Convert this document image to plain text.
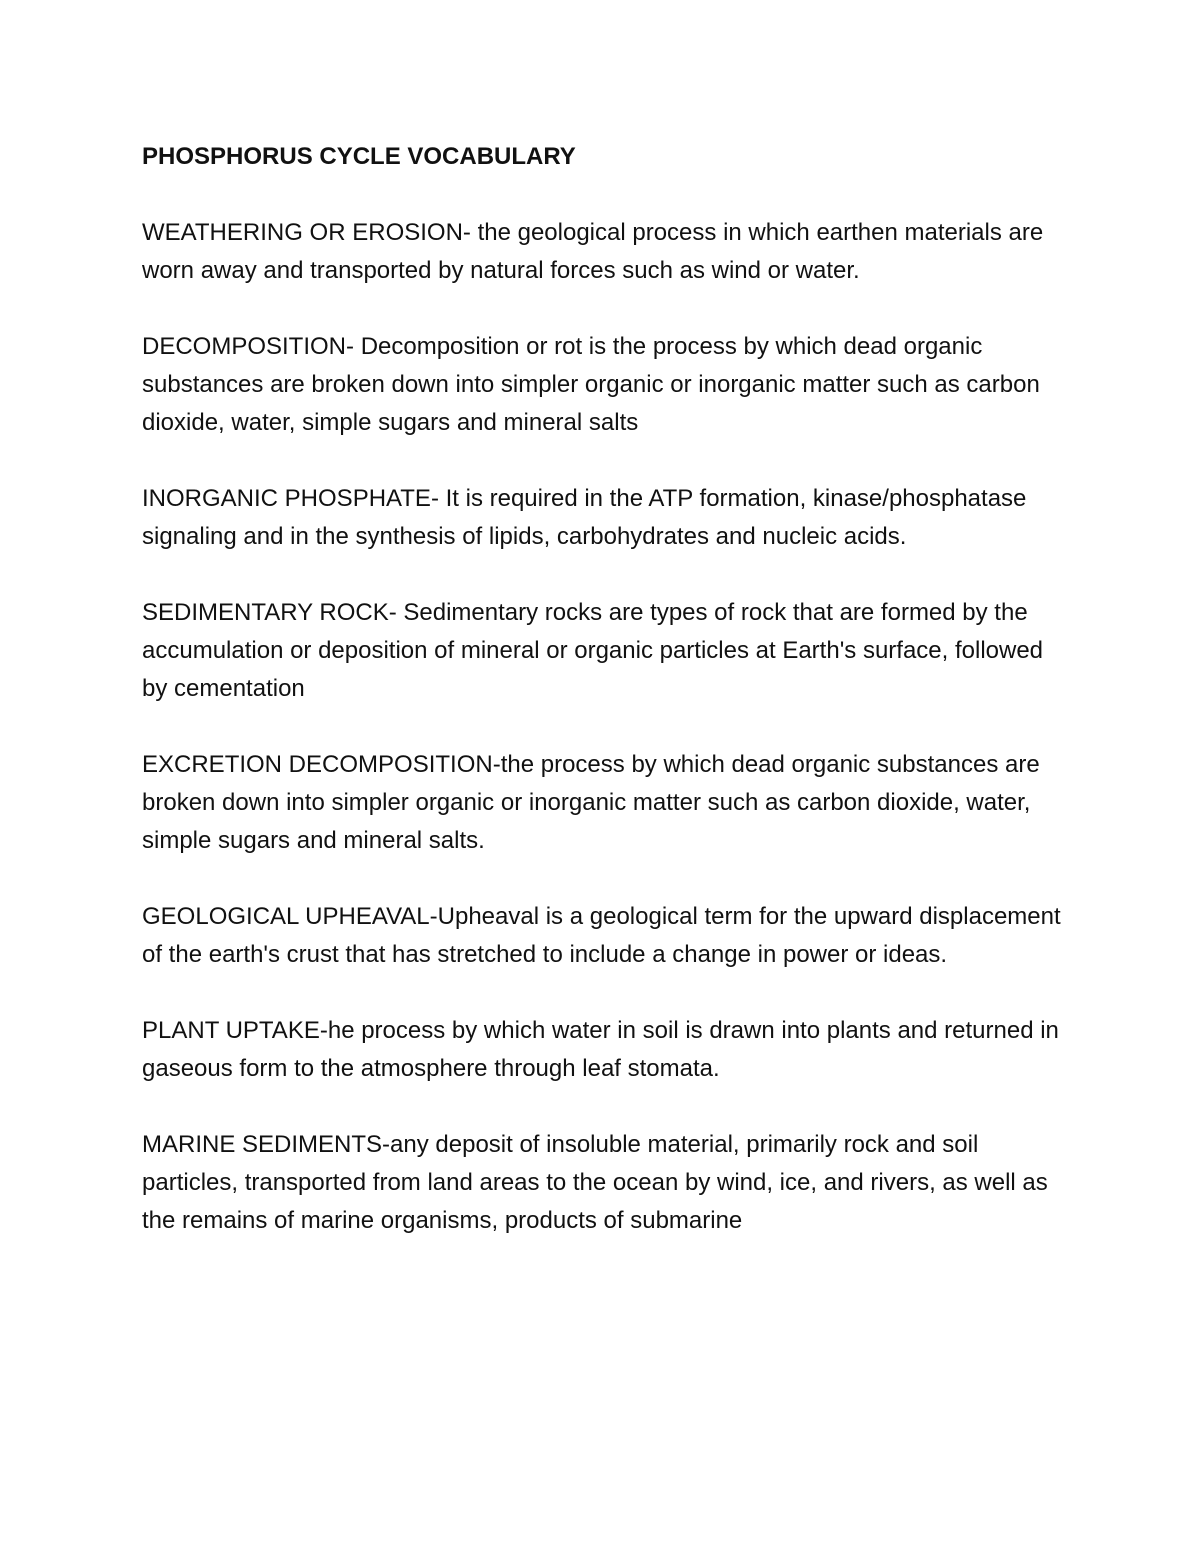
PHOSPHORUS CYCLE VOCABULARY

WEATHERING OR EROSION- the geological process in which earthen materials are worn away and transported by natural forces such as wind or water.

DECOMPOSITION- Decomposition or rot is the process by which dead organic substances are broken down into simpler organic or inorganic matter such as carbon dioxide, water, simple sugars and mineral salts

INORGANIC PHOSPHATE- It is required in the ATP formation, kinase/phosphatase signaling and in the synthesis of lipids, carbohydrates and nucleic acids.

SEDIMENTARY ROCK- Sedimentary rocks are types of rock that are formed by the accumulation or deposition of mineral or organic particles at Earth's surface, followed by cementation

EXCRETION DECOMPOSITION-the process by which dead organic substances are broken down into simpler organic or inorganic matter such as carbon dioxide, water, simple sugars and mineral salts.

GEOLOGICAL UPHEAVAL-Upheaval is a geological term for the upward displacement of the earth's crust that has stretched to include a change in power or ideas.

PLANT UPTAKE-he process by which water in soil is drawn into plants and returned in gaseous form to the atmosphere through leaf stomata.

MARINE SEDIMENTS-any deposit of insoluble material, primarily rock and soil particles, transported from land areas to the ocean by wind, ice, and rivers, as well as the remains of marine organisms, products of submarine
